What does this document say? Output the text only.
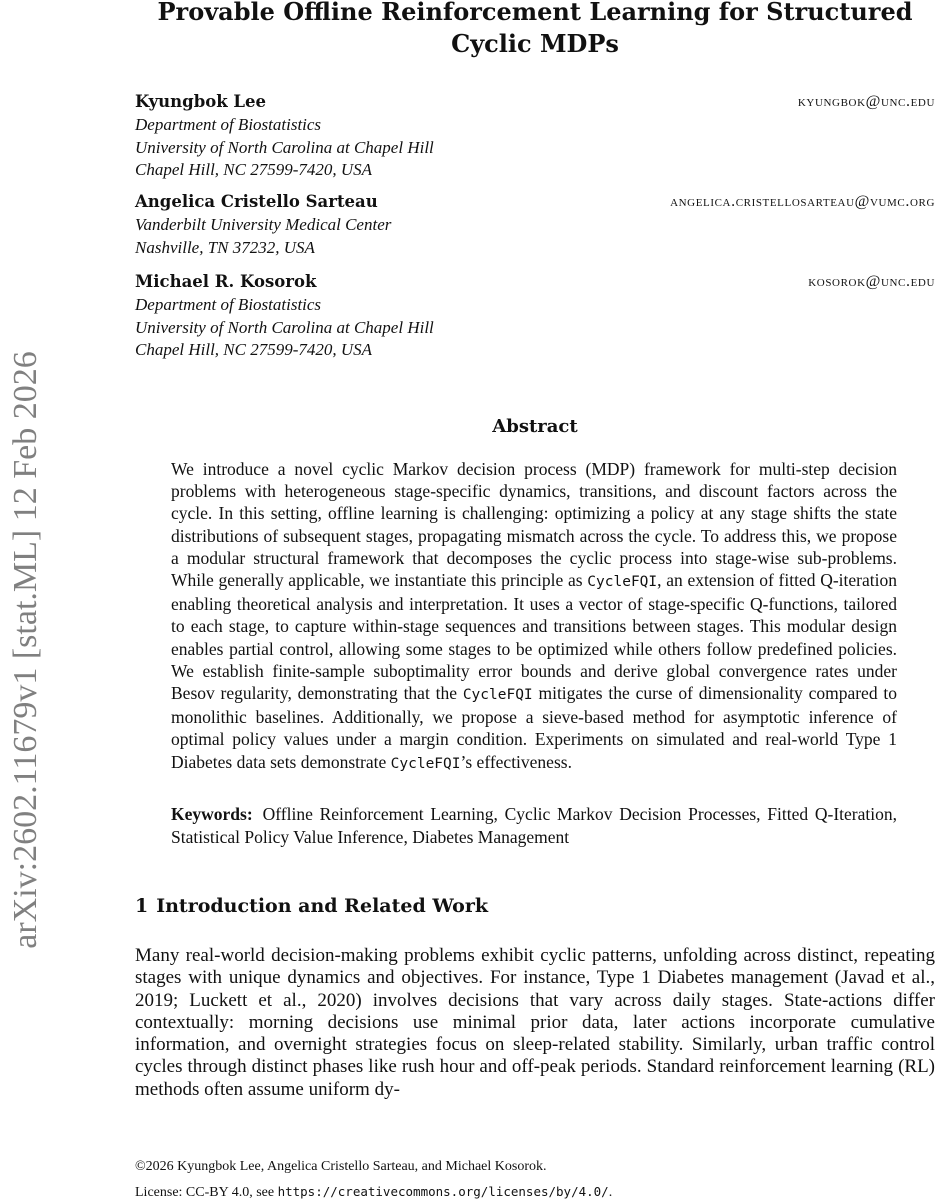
arXiv:2602.11679v1 [stat.ML] 12 Feb 2026
Provable Offline Reinforcement Learning for Structured
Cyclic MDPs
Kyungbok Lee	kyungbok@unc.edu
Department of Biostatistics
University of North Carolina at Chapel Hill
Chapel Hill, NC 27599-7420, USA
Angelica Cristello Sarteau	angelica.cristellosarteau@vumc.org
Vanderbilt University Medical Center
Nashville, TN 37232, USA
Michael R. Kosorok	kosorok@unc.edu
Department of Biostatistics
University of North Carolina at Chapel Hill
Chapel Hill, NC 27599-7420, USA
Abstract
We introduce a novel cyclic Markov decision process (MDP) framework for multi-step decision problems with heterogeneous stage-specific dynamics, transitions, and discount factors across the cycle. In this setting, offline learning is challenging: optimizing a policy at any stage shifts the state distributions of subsequent stages, propagating mismatch across the cycle. To address this, we propose a modular structural framework that decomposes the cyclic process into stage-wise sub-problems. While generally applicable, we instantiate this principle as CycleFQI, an extension of fitted Q-iteration enabling theoretical analysis and interpretation. It uses a vector of stage-specific Q-functions, tailored to each stage, to capture within-stage sequences and transitions between stages. This modular design enables partial control, allowing some stages to be optimized while others follow predefined policies. We establish finite-sample suboptimality error bounds and derive global convergence rates under Besov regularity, demonstrating that the CycleFQI mitigates the curse of dimensionality compared to monolithic baselines. Additionally, we propose a sieve-based method for asymptotic inference of optimal policy values under a margin condition. Experiments on simulated and real-world Type 1 Diabetes data sets demonstrate CycleFQI’s effectiveness.
Keywords: Offline Reinforcement Learning, Cyclic Markov Decision Processes, Fitted Q-Iteration, Statistical Policy Value Inference, Diabetes Management
1 Introduction and Related Work
Many real-world decision-making problems exhibit cyclic patterns, unfolding across distinct, repeating stages with unique dynamics and objectives. For instance, Type 1 Diabetes management (Javad et al., 2019; Luckett et al., 2020) involves decisions that vary across daily stages. State-actions differ contextually: morning decisions use minimal prior data, later actions incorporate cumulative information, and overnight strategies focus on sleep-related stability. Similarly, urban traffic control cycles through distinct phases like rush hour and off-peak periods. Standard reinforcement learning (RL) methods often assume uniform dy-
©2026 Kyungbok Lee, Angelica Cristello Sarteau, and Michael Kosorok.
License: CC-BY 4.0, see https://creativecommons.org/licenses/by/4.0/.
